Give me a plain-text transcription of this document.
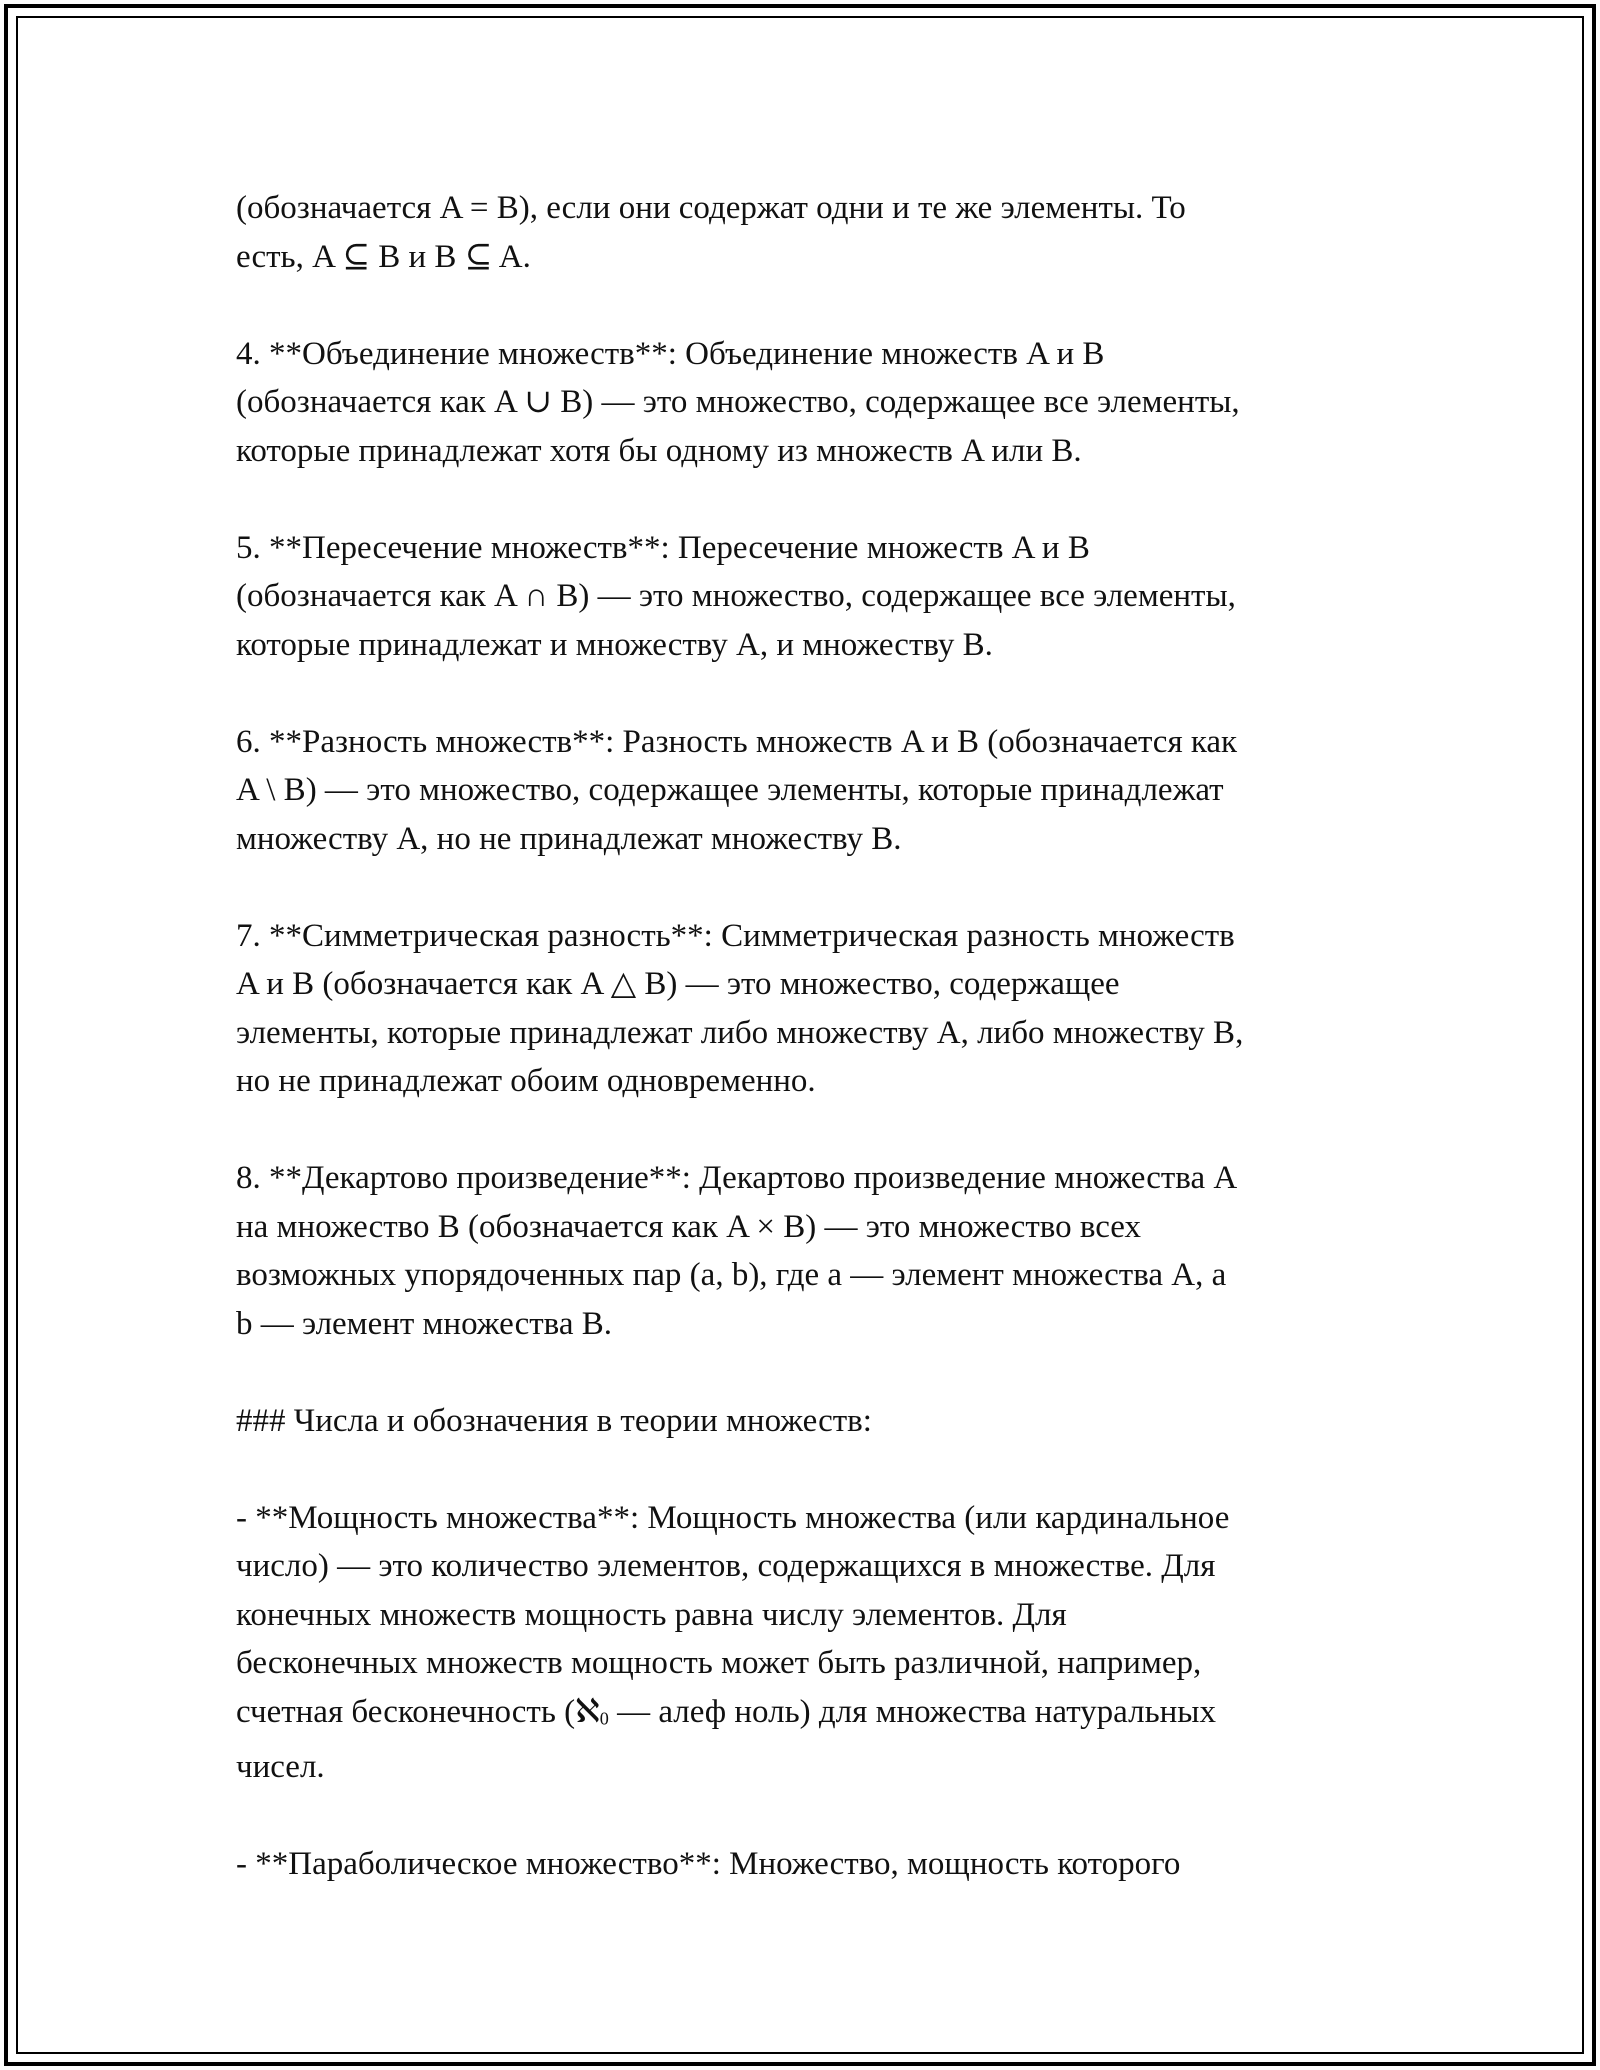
(обозначается A = B), если они содержат одни и те же элементы. То
есть, A ⊆ B и B ⊆ A.

4. **Объединение множеств**: Объединение множеств A и B
(обозначается как A ∪ B) — это множество, содержащее все элементы,
которые принадлежат хотя бы одному из множеств A или B.

5. **Пересечение множеств**: Пересечение множеств A и B
(обозначается как A ∩ B) — это множество, содержащее все элементы,
которые принадлежат и множеству A, и множеству B.

6. **Разность множеств**: Разность множеств A и B (обозначается как
A \ B) — это множество, содержащее элементы, которые принадлежат
множеству A, но не принадлежат множеству B.

7. **Симметрическая разность**: Симметрическая разность множеств
A и B (обозначается как A △ B) — это множество, содержащее
элементы, которые принадлежат либо множеству A, либо множеству B,
но не принадлежат обоим одновременно.

8. **Декартово произведение**: Декартово произведение множества A
на множество B (обозначается как A × B) — это множество всех
возможных упорядоченных пар (a, b), где a — элемент множества A, а
b — элемент множества B.

### Числа и обозначения в теории множеств:

- **Мощность множества**: Мощность множества (или кардинальное
число) — это количество элементов, содержащихся в множестве. Для
конечных множеств мощность равна числу элементов. Для
бесконечных множеств мощность может быть различной, например,
счетная бесконечность (ℵ0 — алеф ноль) для множества натуральных
чисел.

- **Параболическое множество**: Множество, мощность которого
